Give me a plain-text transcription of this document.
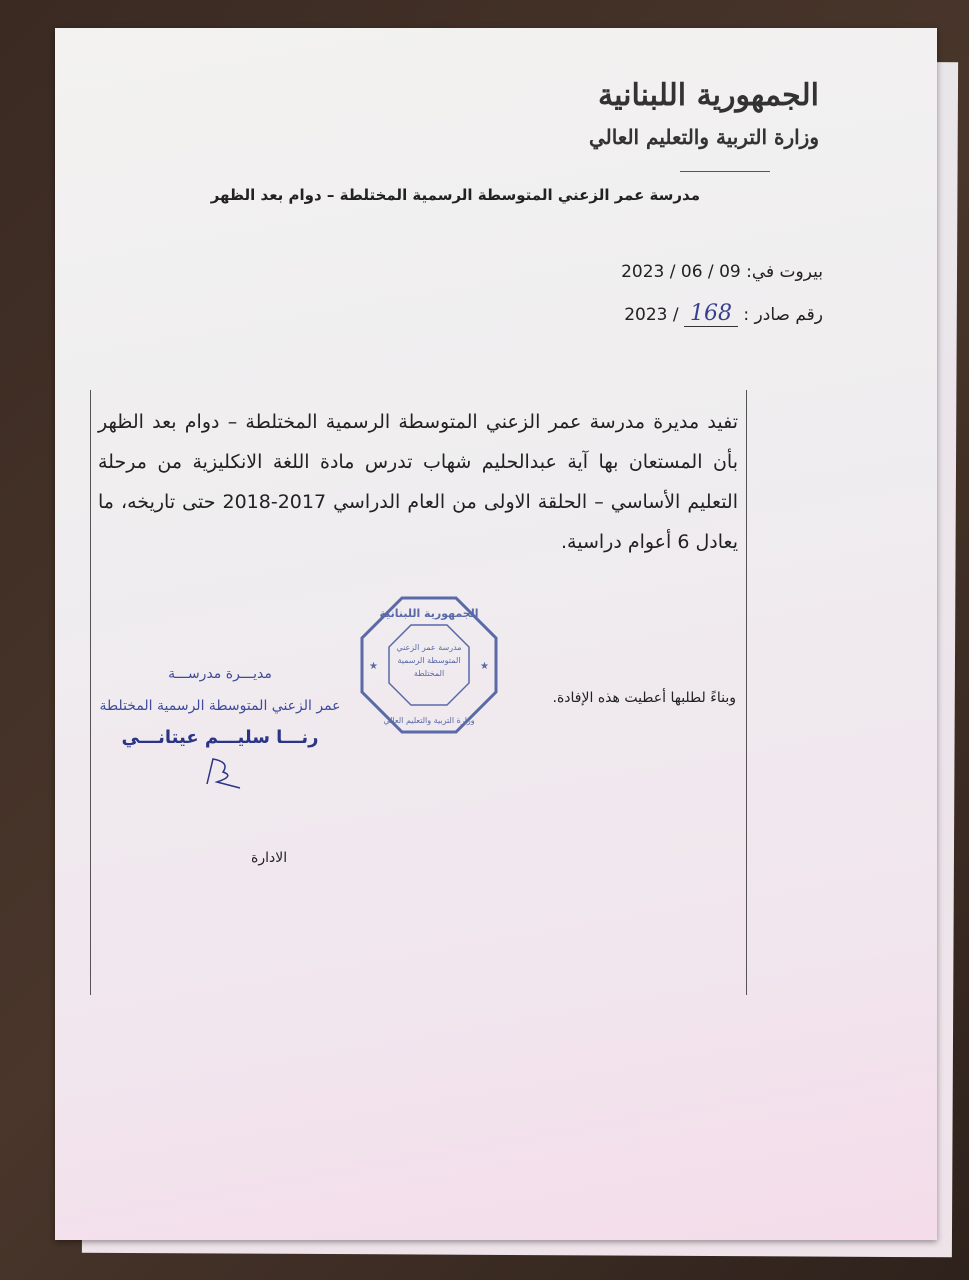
الجمهورية اللبنانية
وزارة التربية والتعليم العالي
مدرسة عمر الزعني المتوسطة الرسمية المختلطة – دوام بعد الظهر
بيروت في: 09 / 06 / 2023
رقم صادر : 168 / 2023
تفيد مديرة مدرسة عمر الزعني المتوسطة الرسمية المختلطة – دوام بعد الظهر بأن المستعان بها آية عبدالحليم شهاب تدرس مادة اللغة الانكليزية من مرحلة التعليم الأساسي – الحلقة الاولى من العام الدراسي 2017-2018 حتى تاريخه، ما يعادل 6 أعوام دراسية.
وبناءً لطلبها أعطيت هذه الإفادة.
الجمهورية اللبنانية
وزارة التربية والتعليم العالي
مدرسة عمر الزعني المتوسطة الرسمية المختلطة
★	★
مديـــرة مدرســـة
عمر الزعني المتوسطة الرسمية المختلطة
رنـــا سليـــم عيتانـــي
الادارة
